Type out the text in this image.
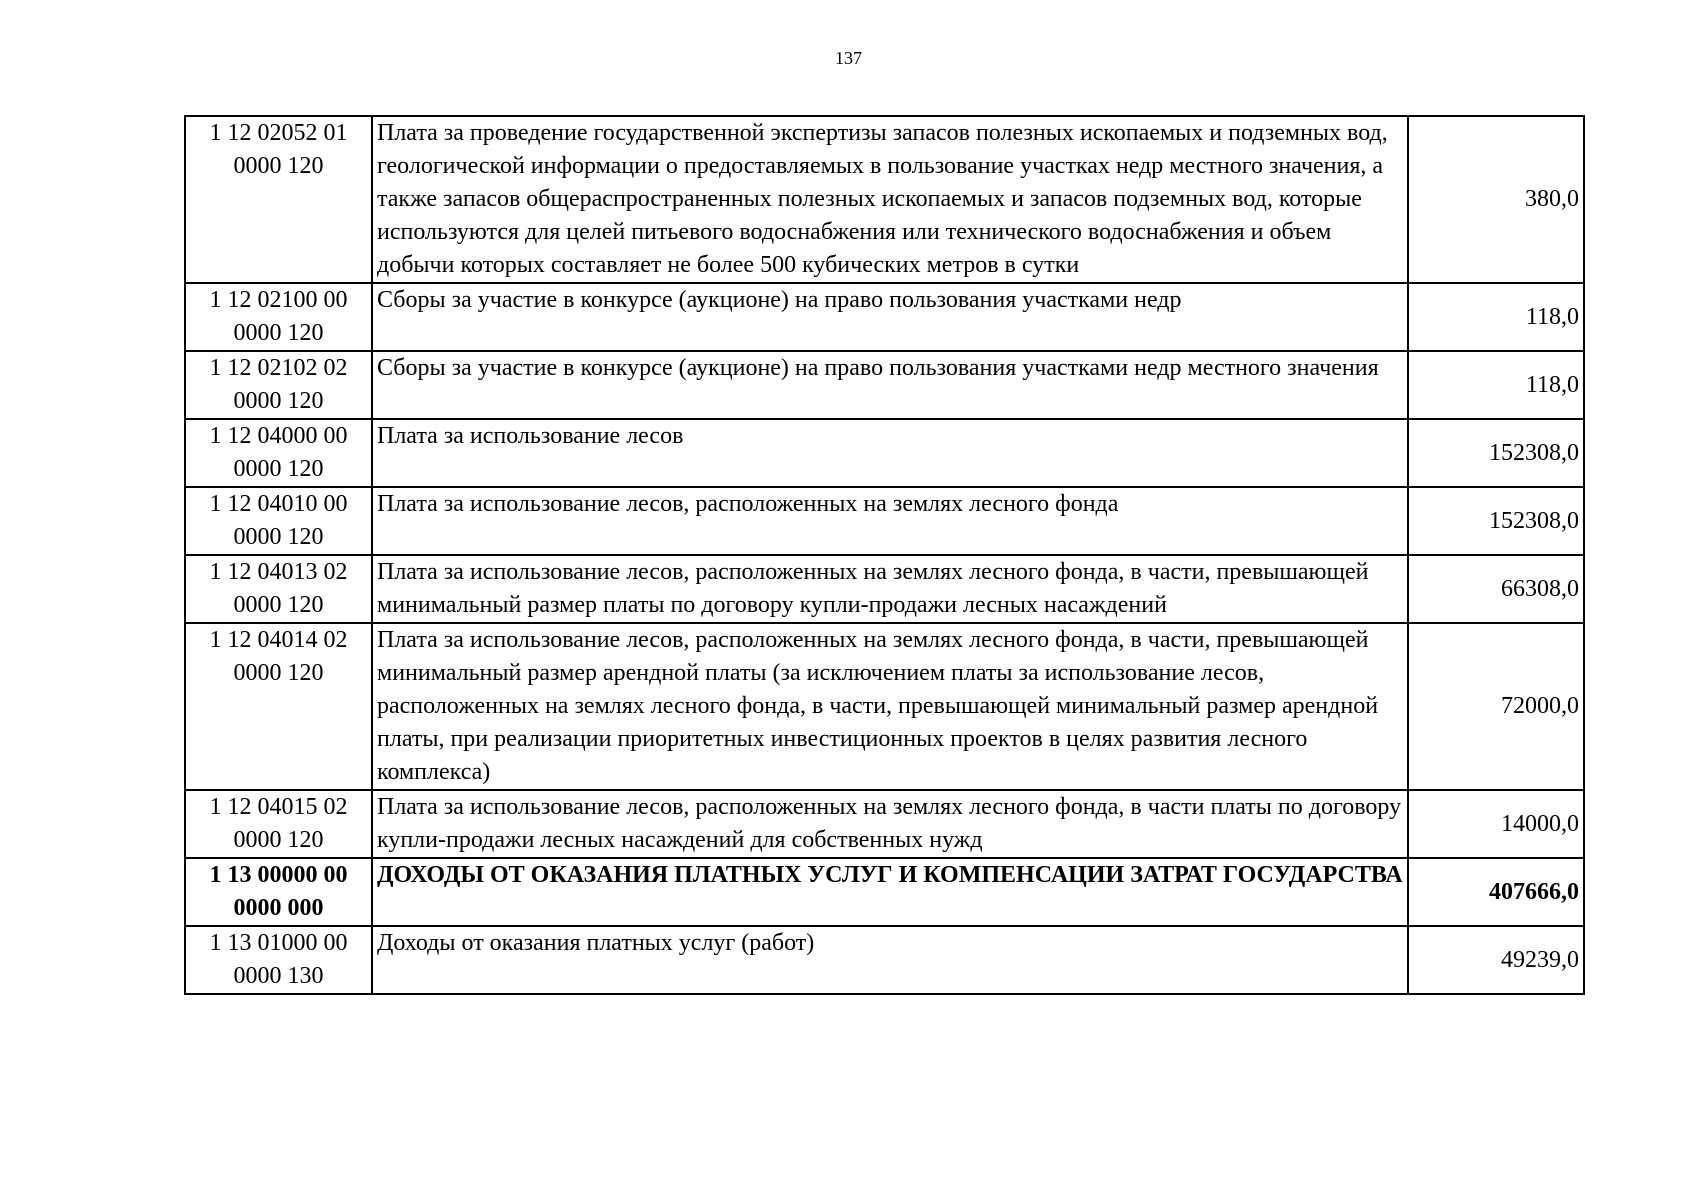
137
1 12 02052 01
0000 120	Плата за проведение государственной экспертизы запасов полезных ископаемых и подземных вод, геологической информации о предоставляемых в пользование участках недр местного значения, а также запасов общераспространенных полезных ископаемых и запасов подземных вод, которые используются для целей питьевого водоснабжения или технического водоснабжения и объем добычи которых составляет не более 500 кубических метров в сутки	380,0
1 12 02100 00
0000 120	Сборы за участие в конкурсе (аукционе) на право пользования участками недр	118,0
1 12 02102 02
0000 120	Сборы за участие в конкурсе (аукционе) на право пользования участками недр местного значения	118,0
1 12 04000 00
0000 120	Плата за использование лесов	152308,0
1 12 04010 00
0000 120	Плата за использование лесов, расположенных на землях лесного фонда	152308,0
1 12 04013 02
0000 120	Плата за использование лесов, расположенных на землях лесного фонда, в части, превышающей минимальный размер платы по договору купли-продажи лесных насаждений	66308,0
1 12 04014 02
0000 120	Плата за использование лесов, расположенных на землях лесного фонда, в части, превышающей минимальный размер арендной платы (за исключением платы за использование лесов, расположенных на землях лесного фонда, в части, превышающей минимальный размер арендной платы, при реализации приоритетных инвестиционных проектов в целях развития лесного комплекса)	72000,0
1 12 04015 02
0000 120	Плата за использование лесов, расположенных на землях лесного фонда, в части платы по договору купли-продажи лесных насаждений для собственных нужд	14000,0
1 13 00000 00
0000 000	ДОХОДЫ ОТ ОКАЗАНИЯ ПЛАТНЫХ УСЛУГ И КОМПЕНСАЦИИ ЗАТРАТ ГОСУДАРСТВА	407666,0
1 13 01000 00
0000 130	Доходы от оказания платных услуг (работ)	49239,0
